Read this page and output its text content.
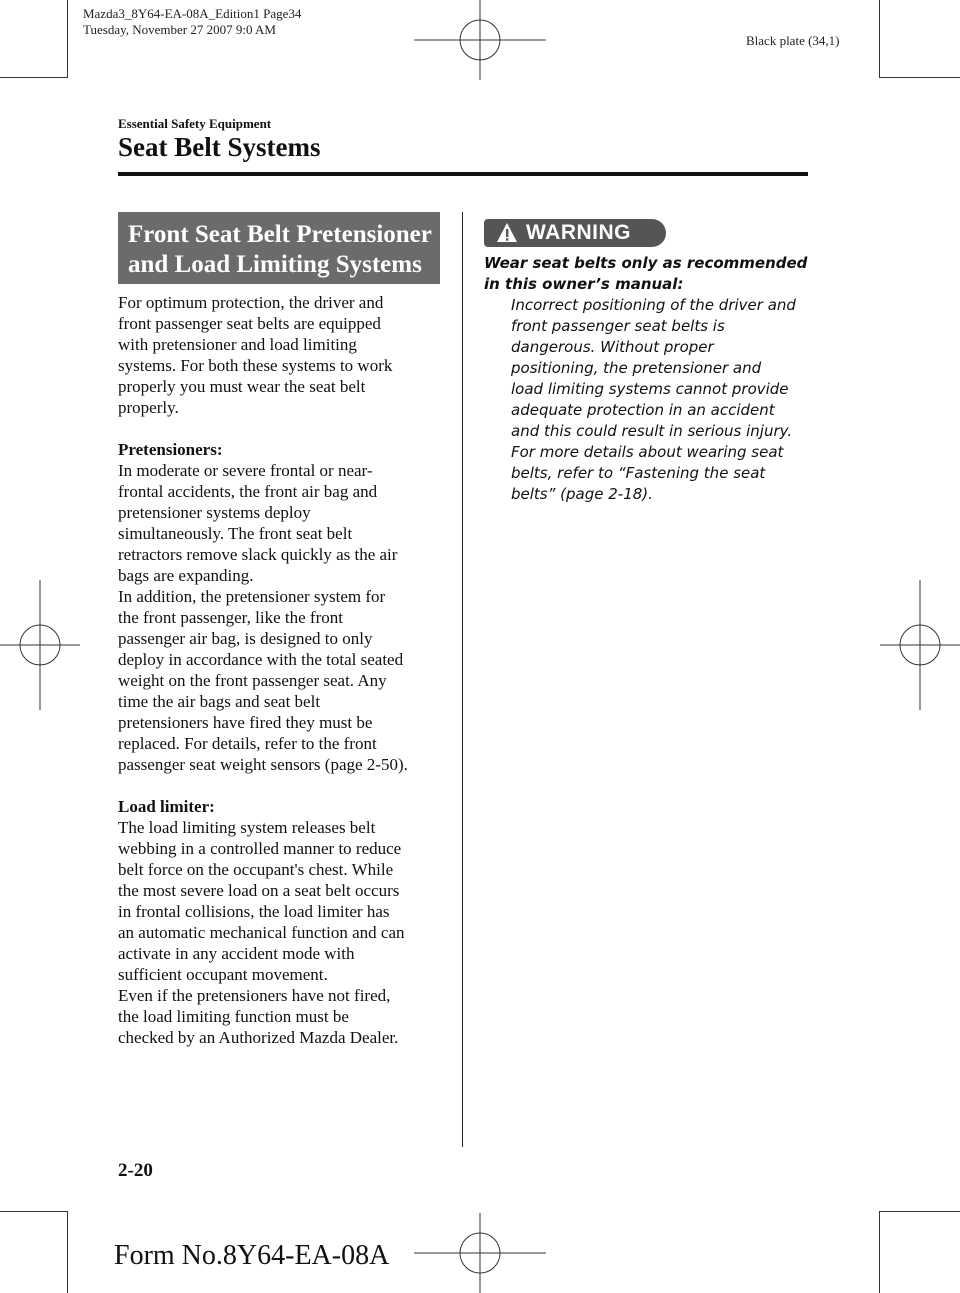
Mazda3_8Y64-EA-08A_Edition1 Page34
Tuesday, November 27 2007 9:0 AM
Black plate (34,1)
Essential Safety Equipment
Seat Belt Systems
Front Seat Belt Pretensioner
and Load Limiting Systems

For optimum protection, the driver and

front passenger seat belts are equipped

with pretensioner and load limiting

systems. For both these systems to work

properly you must wear the seat belt

properly.

Pretensioners:

In moderate or severe frontal or near-

frontal accidents, the front air bag and

pretensioner systems deploy

simultaneously. The front seat belt

retractors remove slack quickly as the air

bags are expanding.

In addition, the pretensioner system for

the front passenger, like the front

passenger air bag, is designed to only

deploy in accordance with the total seated

weight on the front passenger seat. Any

time the air bags and seat belt

pretensioners have fired they must be

replaced. For details, refer to the front

passenger seat weight sensors (page 2-50).

Load limiter:

The load limiting system releases belt

webbing in a controlled manner to reduce

belt force on the occupant's chest. While

the most severe load on a seat belt occurs

in frontal collisions, the load limiter has

an automatic mechanical function and can

activate in any accident mode with

sufficient occupant movement.

Even if the pretensioners have not fired,

the load limiting function must be

checked by an Authorized Mazda Dealer.

WARNING
Wear seat belts only as recommended
in this owner’s manual:
Incorrect positioning of the driver and
front passenger seat belts is
dangerous. Without proper
positioning, the pretensioner and
load limiting systems cannot provide
adequate protection in an accident
and this could result in serious injury.
For more details about wearing seat
belts, refer to “Fastening the seat
belts” (page 2-18).
2-20
Form No.8Y64-EA-08A
